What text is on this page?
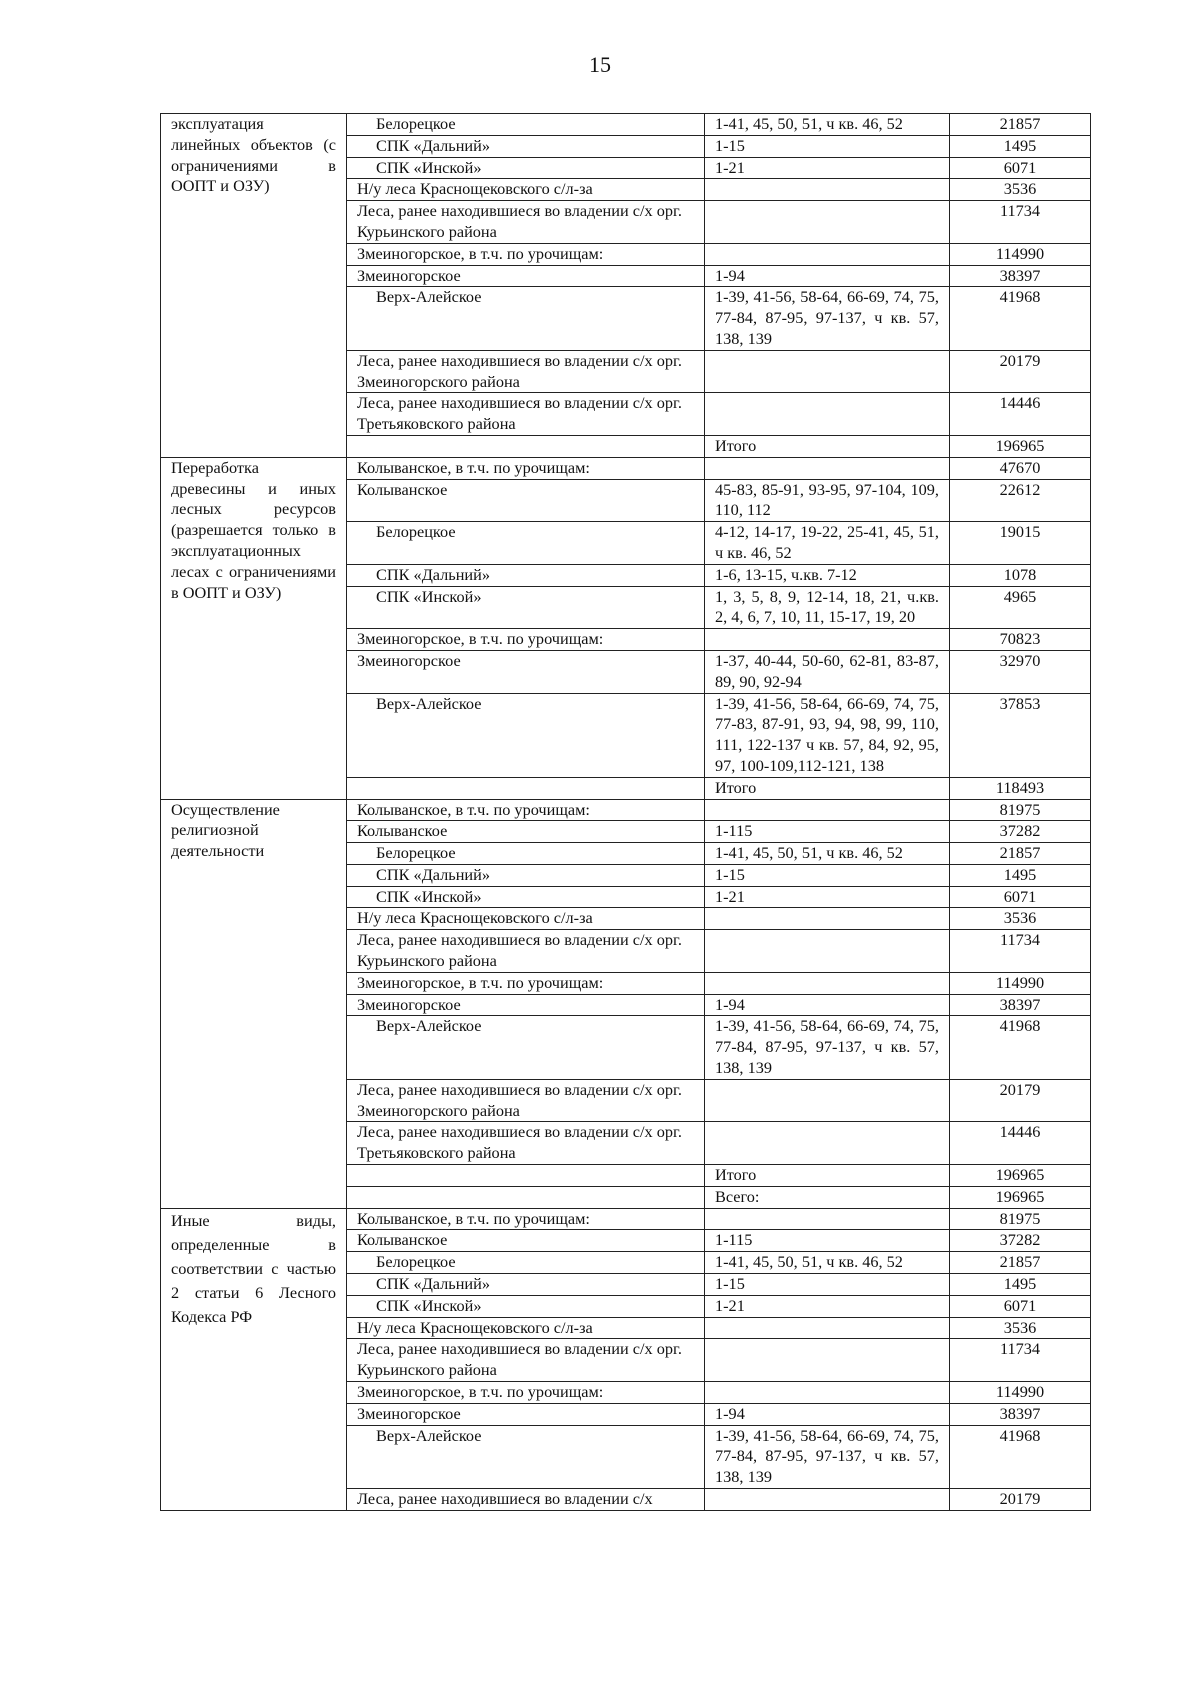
15
эксплуатация линейных объектов (с ограничениями в ООПТ и ОЗУ)	Белорецкое	1-41, 45, 50, 51, ч кв. 46, 52	21857
	СПК «Дальний»	1-15	1495
	СПК «Инской»	1-21	6071
	Н/у леса Краснощековского с/л-за		3536
	Леса, ранее находившиеся во владении с/х орг. Курьинского района		11734
	Змеиногорское, в т.ч. по урочищам:		114990
	Змеиногорское	1-94	38397
	Верх-Алейское	1-39, 41-56, 58-64, 66-69, 74, 75, 77-84, 87-95, 97-137, ч кв. 57, 138, 139	41968
	Леса, ранее находившиеся во владении с/х орг. Змеиногорского района		20179
	Леса, ранее находившиеся во владении с/х орг. Третьяковского района		14446
		Итого	196965
Переработка древесины и иных лесных ресурсов (разрешается только в эксплуатационных лесах с ограничениями в ООПТ и ОЗУ)	Колыванское, в т.ч. по урочищам:		47670
	Колыванское	45-83, 85-91, 93-95, 97-104, 109, 110, 112	22612
	Белорецкое	4-12, 14-17, 19-22, 25-41, 45, 51, ч кв. 46, 52	19015
	СПК «Дальний»	1-6, 13-15, ч.кв. 7-12	1078
	СПК «Инской»	1, 3, 5, 8, 9, 12-14, 18, 21, ч.кв. 2, 4, 6, 7, 10, 11, 15-17, 19, 20	4965
	Змеиногорское, в т.ч. по урочищам:		70823
	Змеиногорское	1-37, 40-44, 50-60, 62-81, 83-87, 89, 90, 92-94	32970
	Верх-Алейское	1-39, 41-56, 58-64, 66-69, 74, 75, 77-83, 87-91, 93, 94, 98, 99, 110, 111, 122-137 ч кв. 57, 84, 92, 95, 97, 100-109,112-121, 138	37853
		Итого	118493
Осуществление религиозной деятельности	Колыванское, в т.ч. по урочищам:		81975
	Колыванское	1-115	37282
	Белорецкое	1-41, 45, 50, 51, ч кв. 46, 52	21857
	СПК «Дальний»	1-15	1495
	СПК «Инской»	1-21	6071
	Н/у леса Краснощековского с/л-за		3536
	Леса, ранее находившиеся во владении с/х орг. Курьинского района		11734
	Змеиногорское, в т.ч. по урочищам:		114990
	Змеиногорское	1-94	38397
	Верх-Алейское	1-39, 41-56, 58-64, 66-69, 74, 75, 77-84, 87-95, 97-137, ч кв. 57, 138, 139	41968
	Леса, ранее находившиеся во владении с/х орг. Змеиногорского района		20179
	Леса, ранее находившиеся во владении с/х орг. Третьяковского района		14446
		Итого	196965
		Всего:	196965
Иные виды, определенные в соответствии с частью 2 статьи 6 Лесного Кодекса РФ	Колыванское, в т.ч. по урочищам:		81975
	Колыванское	1-115	37282
	Белорецкое	1-41, 45, 50, 51, ч кв. 46, 52	21857
	СПК «Дальний»	1-15	1495
	СПК «Инской»	1-21	6071
	Н/у леса Краснощековского с/л-за		3536
	Леса, ранее находившиеся во владении с/х орг. Курьинского района		11734
	Змеиногорское, в т.ч. по урочищам:		114990
	Змеиногорское	1-94	38397
	Верх-Алейское	1-39, 41-56, 58-64, 66-69, 74, 75, 77-84, 87-95, 97-137, ч кв. 57, 138, 139	41968
	Леса, ранее находившиеся во владении с/х		20179
